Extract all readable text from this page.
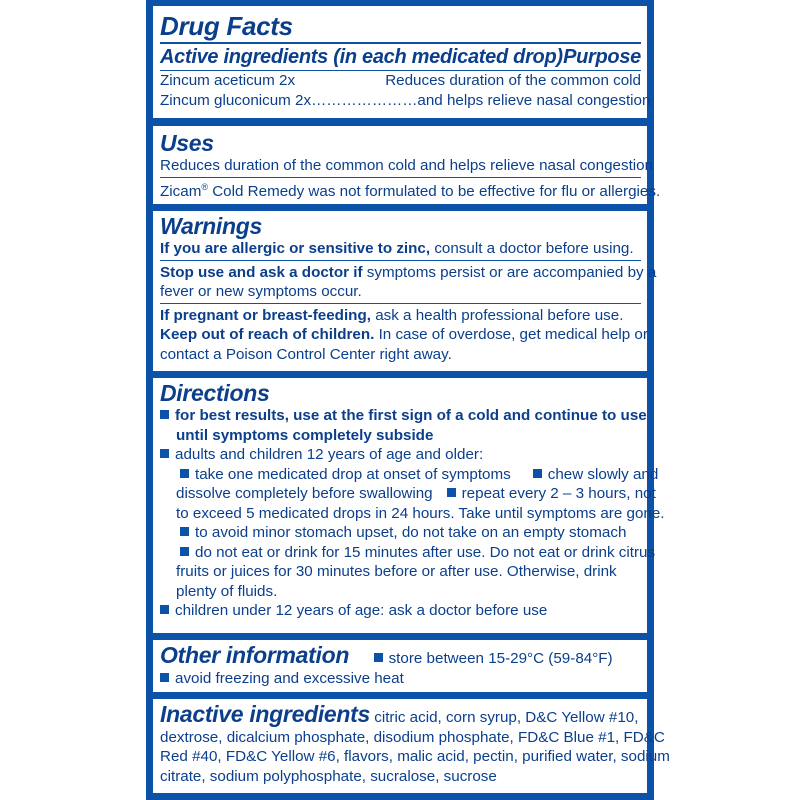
Drug Facts
Active ingredients (in each medicated drop) Purpose
Zincum aceticum 2x	Reduces duration of the common cold
Zincum gluconicum 2x………………… and helps relieve nasal congestion
Uses
Reduces duration of the common cold and helps relieve nasal congestion
Zicam® Cold Remedy was not formulated to be effective for flu or allergies.
Warnings
If you are allergic or sensitive to zinc, consult a doctor before using.
Stop use and ask a doctor if symptoms persist or are accompanied by a
fever or new symptoms occur.
If pregnant or breast-feeding, ask a health professional before use.
Keep out of reach of children. In case of overdose, get medical help or
contact a Poison Control Center right away.
Directions
for best results, use at the first sign of a cold and continue to use
until symptoms completely subside
adults and children 12 years of age and older:
take one medicated drop at onset of symptoms chew slowly and
dissolve completely before swallowing repeat every 2 – 3 hours, not
to exceed 5 medicated drops in 24 hours. Take until symptoms are gone.
to avoid minor stomach upset, do not take on an empty stomach
do not eat or drink for 15 minutes after use. Do not eat or drink citrus
fruits or juices for 30 minutes before or after use. Otherwise, drink
plenty of fluids.
children under 12 years of age: ask a doctor before use
Other information	store between 15-29°C (59-84°F)
avoid freezing and excessive heat
Inactive ingredients citric acid, corn syrup, D&C Yellow #10,
dextrose, dicalcium phosphate, disodium phosphate, FD&C Blue #1, FD&C
Red #40, FD&C Yellow #6, flavors, malic acid, pectin, purified water, sodium
citrate, sodium polyphosphate, sucralose, sucrose
